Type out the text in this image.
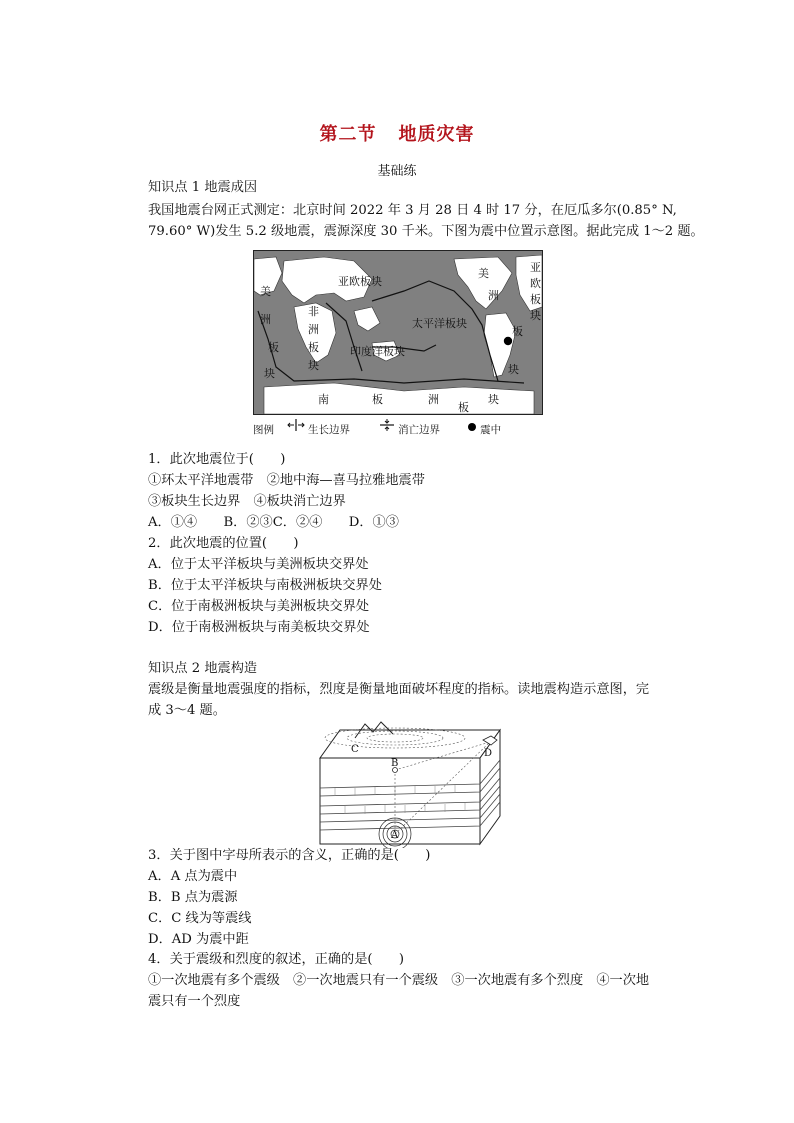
第二节 地质灾害
基础练
知识点 1 地震成因
我国地震台网正式测定：北京时间 2022 年 3 月 28 日 4 时 17 分，在厄瓜多尔(0.85° N,
79.60° W)发生 5.2 级地震，震源深度 30 千米。下图为震中位置示意图。据此完成 1～2 题。
亚欧板块
太平洋板块
印度洋板块
美
洲
板
块
非
洲
板
块
美
洲
板
块
亚
欧
板
块
南	板	洲
板
块
图例	生长边界	消亡边界	震中
1．此次地震位于(　　)
①环太平洋地震带　②地中海—喜马拉雅地震带
③板块生长边界　④板块消亡边界
A．①④　　B．②③C．②④　　D．①③
2．此次地震的位置(　　)
A．位于太平洋板块与美洲板块交界处
B．位于太平洋板块与南极洲板块交界处
C．位于南极洲板块与美洲板块交界处
D．位于南极洲板块与南美板块交界处
知识点 2 地震构造
震级是衡量地震强度的指标，烈度是衡量地面破坏程度的指标。读地震构造示意图，完
成 3～4 题。
A
B
C	D
3．关于图中字母所表示的含义，正确的是(　　)
A．A 点为震中
B．B 点为震源
C．C 线为等震线
D．AD 为震中距
4．关于震级和烈度的叙述，正确的是(　　)
①一次地震有多个震级　②一次地震只有一个震级　③一次地震有多个烈度　④一次地
震只有一个烈度
